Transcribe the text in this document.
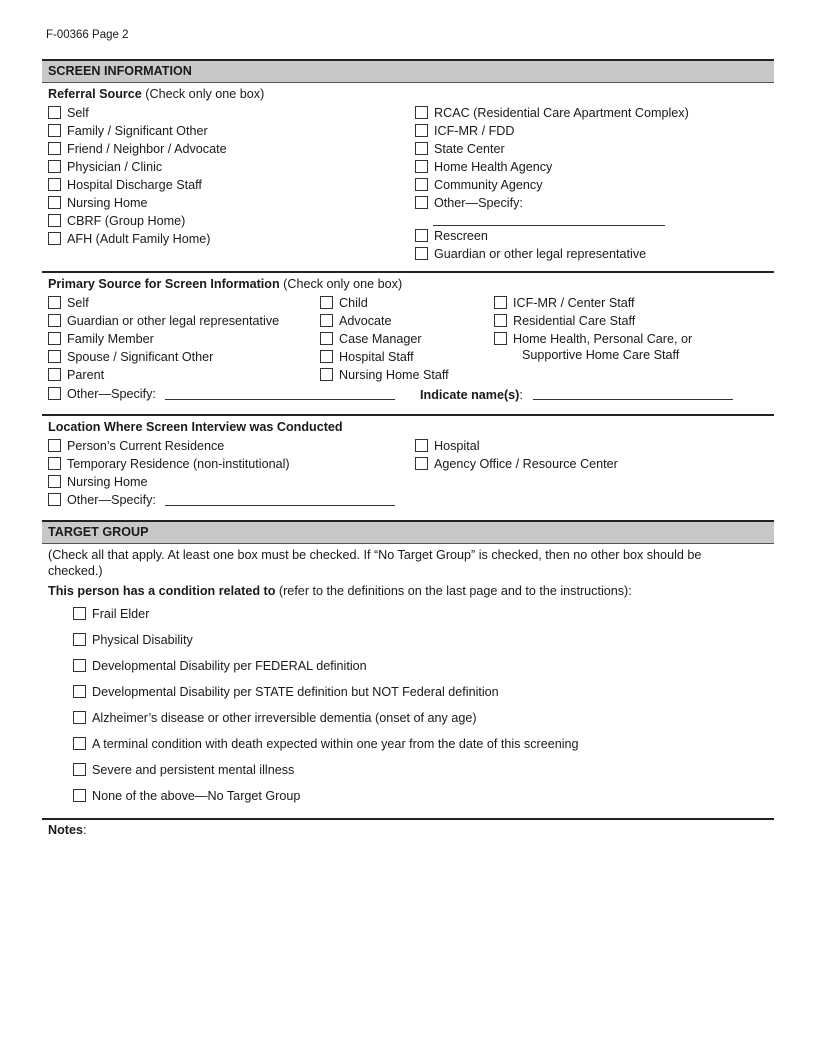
F-00366 Page 2
SCREEN INFORMATION
Referral Source (Check only one box)
Self
Family / Significant Other
Friend / Neighbor / Advocate
Physician / Clinic
Hospital Discharge Staff
Nursing Home
CBRF (Group Home)
AFH (Adult Family Home)
RCAC (Residential Care Apartment Complex)
ICF-MR / FDD
State Center
Home Health Agency
Community Agency
Other—Specify:
Rescreen
Guardian or other legal representative
Primary Source for Screen Information (Check only one box)
Self
Guardian or other legal representative
Family Member
Spouse / Significant Other
Parent
Other—Specify:
Child
Advocate
Case Manager
Hospital Staff
Nursing Home Staff
ICF-MR / Center Staff
Residential Care Staff
Home Health, Personal Care, or
Supportive Home Care Staff
Indicate name(s):
Location Where Screen Interview was Conducted
Person’s Current Residence
Temporary Residence (non-institutional)
Nursing Home
Other—Specify:
Hospital
Agency Office / Resource Center
TARGET GROUP
(Check all that apply. At least one box must be checked. If “No Target Group” is checked, then no other box should be
checked.)
This person has a condition related to (refer to the definitions on the last page and to the instructions):
Frail Elder
Physical Disability
Developmental Disability per FEDERAL definition
Developmental Disability per STATE definition but NOT Federal definition
Alzheimer’s disease or other irreversible dementia (onset of any age)
A terminal condition with death expected within one year from the date of this screening
Severe and persistent mental illness
None of the above—No Target Group
Notes:
